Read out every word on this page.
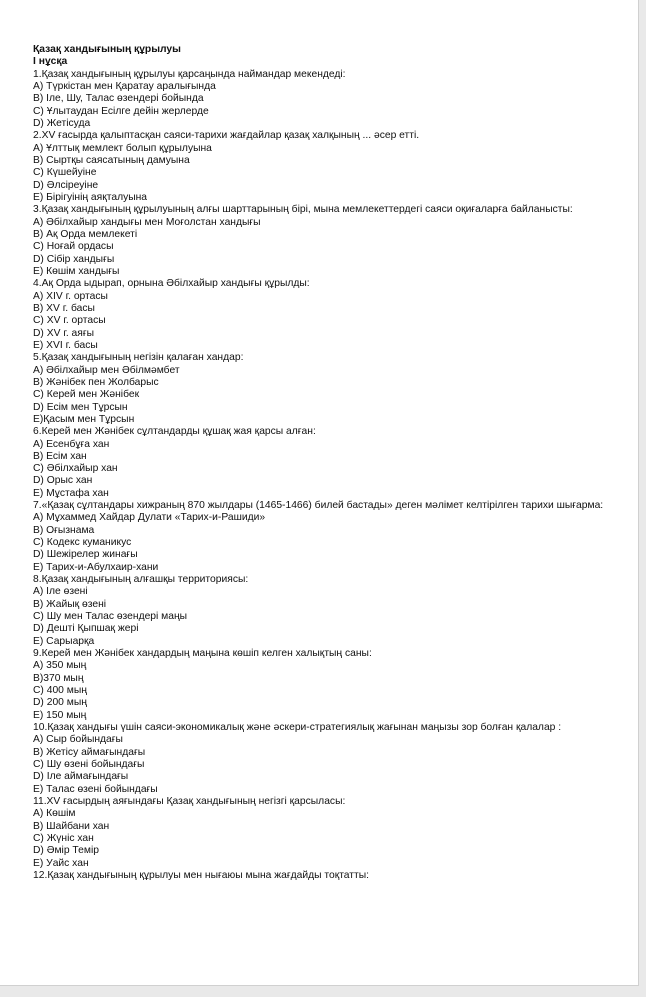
Қазақ хандығының құрылуы
І нұсқа
1.Қазақ хандығының құрылуы қарсаңында наймандар мекендеді:
A) Түркістан мен Қаратау аралығында
B) Іле, Шу, Талас өзендері бойында
C) Ұлытаудан Есілге дейін жерлерде
D) Жетісуда
2.XV ғасырда қалыптасқан саяси-тарихи жағдайлар қазақ халқының ... әсер етті.
A) Ұлттық мемлект болып құрылуына
B) Сыртқы саясатының дамуына
C) Күшейуіне
D) Әлсіреуіне
E) Бірігуінің аяқталуына
3.Қазақ хандығының құрылуының алғы шарттарының бірі, мына мемлекеттердегі саяси оқиғаларға байланысты:
A) Әбілхайыр хандығы мен Моғолстан хандығы
B) Ақ Орда мемлекеті
C) Ноғай ордасы
D) Сібір хандығы
E) Көшім хандығы
4.Ақ Орда ыдырап, орнына Әбілхайыр хандығы құрылды:
A) XIV г. ортасы
B) XV г. басы
C) XV г. ортасы
D) XV г. аяғы
E) XVI г. басы
5.Қазақ хандығының негізін қалаған хандар:
A) Әбілхайыр мен Әбілмәмбет
B) Жәнібек пен Жолбарыс
C) Керей мен Жәнібек
D) Есім мен Тұрсын
E)Қасым мен Тұрсын
6.Керей мен Жәнібек сұлтандарды құшақ жая қарсы алған:
A) Есенбұға хан
B) Есім хан
C) Әбілхайыр хан
D) Орыс хан
E) Мұстафа хан
7.«Қазақ сұлтандары хижраның 870 жылдары (1465-1466) билей бастады» деген мәлімет келтірілген тарихи шығарма:
A) Мұхаммед Хайдар Дулати «Тарих-и-Рашиди»
B) Оғызнама
C) Кодекс куманикус
D) Шежірелер жинағы
E) Тарих-и-Абулхаир-хани
8.Қазақ хандығының алғашқы территориясы:
A) Іле өзені
B) Жайық өзені
C) Шу мен Талас өзендері маңы
D) Дешті Қыпшақ жері
E) Сарыарқа
9.Керей мен Жәнібек хандардың маңына көшіп келген халықтың саны:
A) 350 мың
B)370 мың
C) 400 мың
D) 200 мың
E) 150 мың
10.Қазақ хандығы үшін саяси-экономикалық және әскери-стратегиялық жағынан маңызы зор болған қалалар :
A) Сыр бойындағы
B) Жетісу аймағындағы
C) Шу өзені бойындағы
D) Іле аймағындағы
E) Талас өзені бойындағы
11.XV ғасырдың аяғындағы Қазақ хандығының негізгі қарсыласы:
A) Көшім
B) Шайбани хан
C) Жүніс хан
D) Әмір Темір
E) Уайс хан
12.Қазақ хандығының құрылуы мен нығаюы мына жағдайды тоқтатты:
